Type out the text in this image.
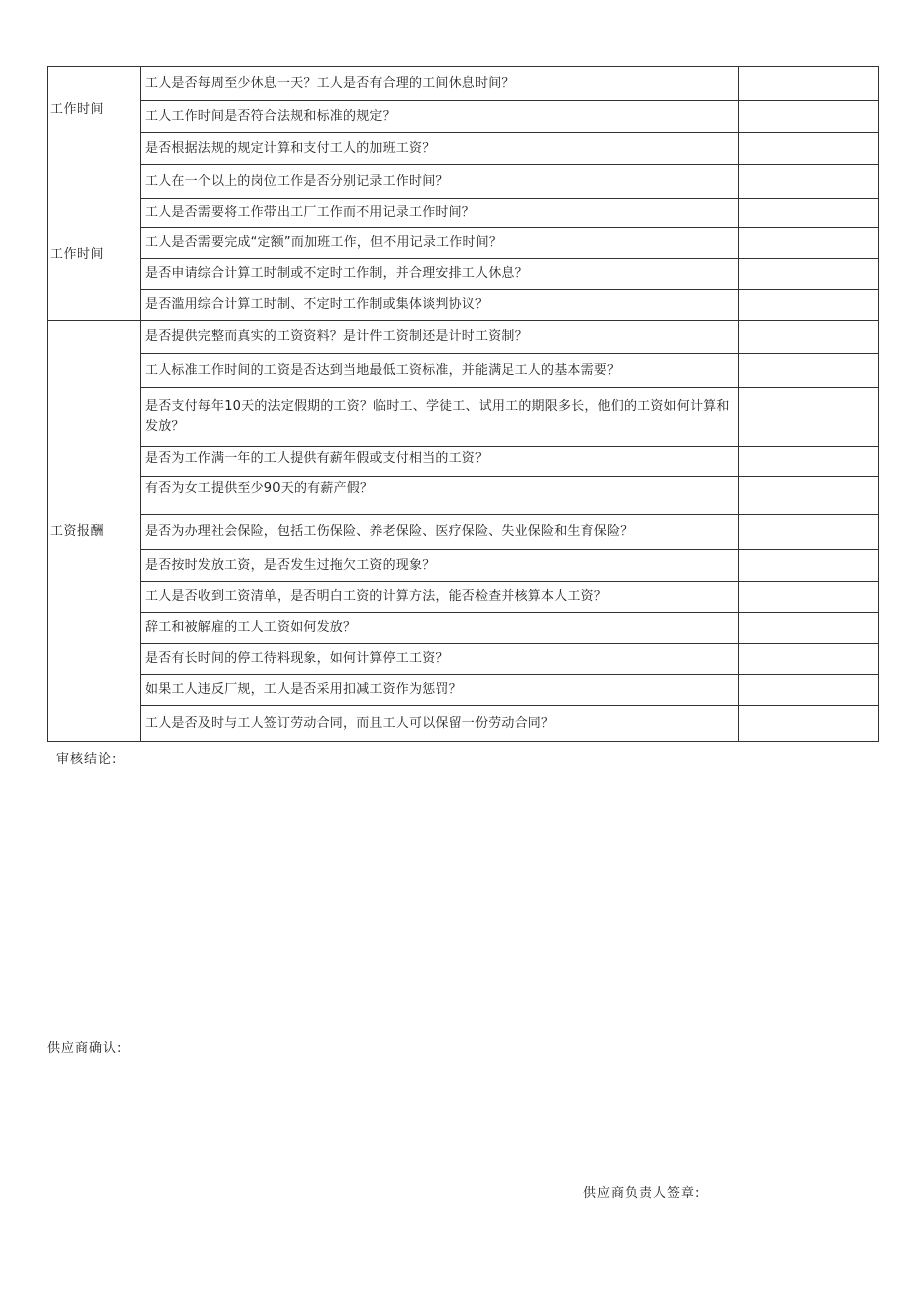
工作时间
工作时间	工人是否每周至少休息一天？工人是否有合理的工间休息时间？	
	工人工作时间是否符合法规和标准的规定？	
	是否根据法规的规定计算和支付工人的加班工资？	
	工人在一个以上的岗位工作是否分别记录工作时间？	
	工人是否需要将工作带出工厂工作而不用记录工作时间？	
	工人是否需要完成“定额”而加班工作，但不用记录工作时间？	
	是否申请综合计算工时制或不定时工作制，并合理安排工人休息？	
	是否滥用综合计算工时制、不定时工作制或集体谈判协议？	

工资报酬	是否提供完整而真实的工资资料？是计件工资制还是计时工资制？	
	工人标准工作时间的工资是否达到当地最低工资标准，并能满足工人的基本需要？	
	是否支付每年10天的法定假期的工资？临时工、学徒工、试用工的期限多长，他们的工资如何计算和发放？	
	是否为工作满一年的工人提供有薪年假或支付相当的工资？	
	有否为女工提供至少90天的有薪产假？	
	是否为办理社会保险，包括工伤保险、养老保险、医疗保险、失业保险和生育保险？	
	是否按时发放工资，是否发生过拖欠工资的现象？	
	工人是否收到工资清单，是否明白工资的计算方法，能否检查并核算本人工资？	
	辞工和被解雇的工人工资如何发放？	
	是否有长时间的停工待料现象，如何计算停工工资？	
	如果工人违反厂规，工人是否采用扣减工资作为惩罚？	
	工人是否及时与工人签订劳动合同，而且工人可以保留一份劳动合同？	
审核结论:
供应商确认:
供应商负责人签章:
